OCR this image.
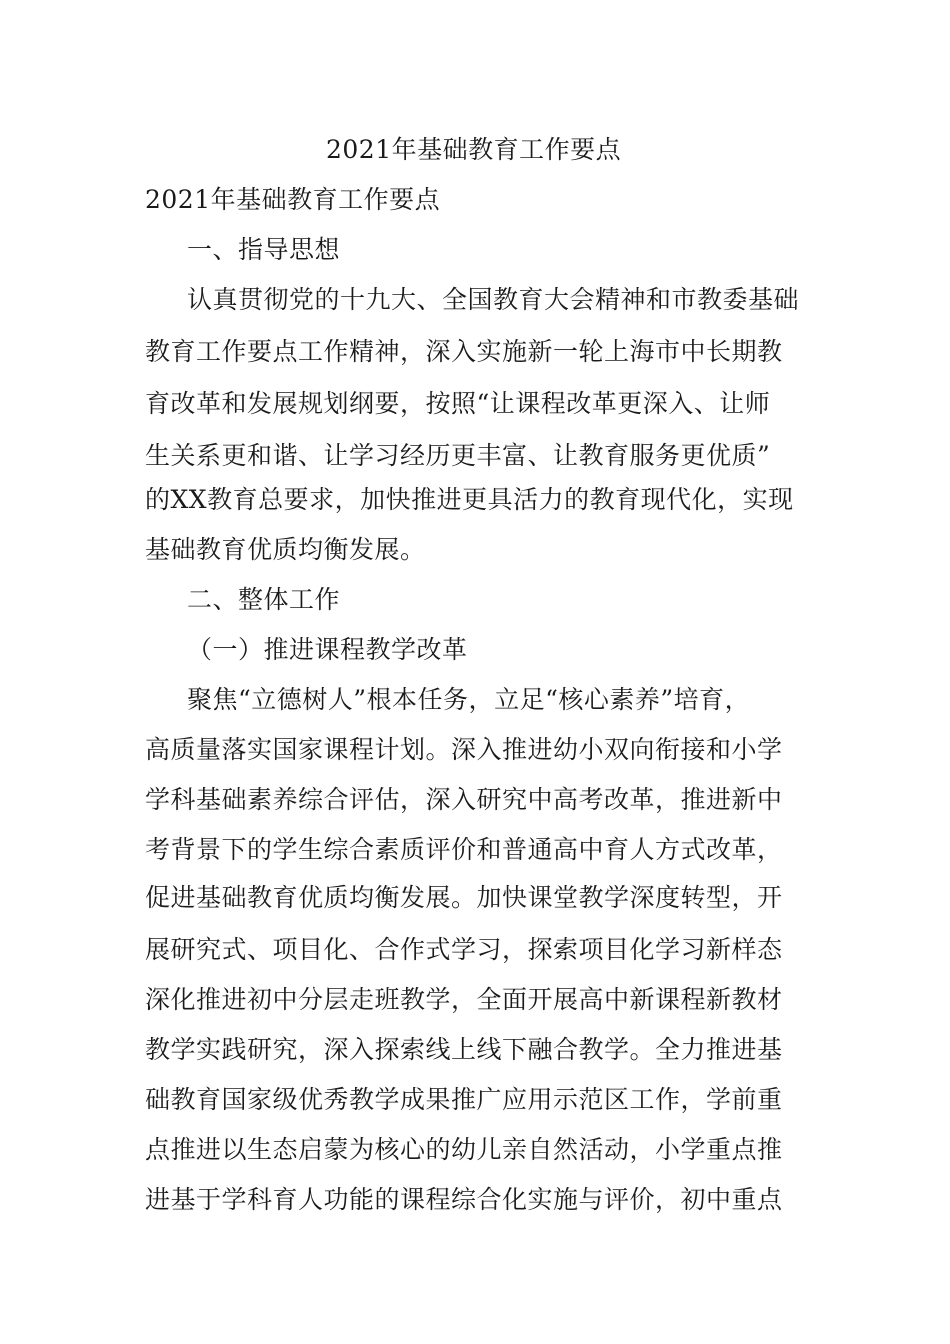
2021年基础教育工作要点
2021年基础教育工作要点
一、指导思想
认真贯彻党的十九大、全国教育大会精神和市教委基础
教育工作要点工作精神，深入实施新一轮上海市中长期教
育改革和发展规划纲要，按照“让课程改革更深入、让师
生关系更和谐、让学习经历更丰富、让教育服务更优质”
的XX教育总要求，加快推进更具活力的教育现代化，实现
基础教育优质均衡发展。
二、整体工作
（一）推进课程教学改革
聚焦“立德树人”根本任务，立足“核心素养”培育，
高质量落实国家课程计划。深入推进幼小双向衔接和小学
学科基础素养综合评估，深入研究中高考改革，推进新中
考背景下的学生综合素质评价和普通高中育人方式改革，
促进基础教育优质均衡发展。加快课堂教学深度转型，开
展研究式、项目化、合作式学习，探索项目化学习新样态
深化推进初中分层走班教学，全面开展高中新课程新教材
教学实践研究，深入探索线上线下融合教学。全力推进基
础教育国家级优秀教学成果推广应用示范区工作，学前重
点推进以生态启蒙为核心的幼儿亲自然活动，小学重点推
进基于学科育人功能的课程综合化实施与评价，初中重点
